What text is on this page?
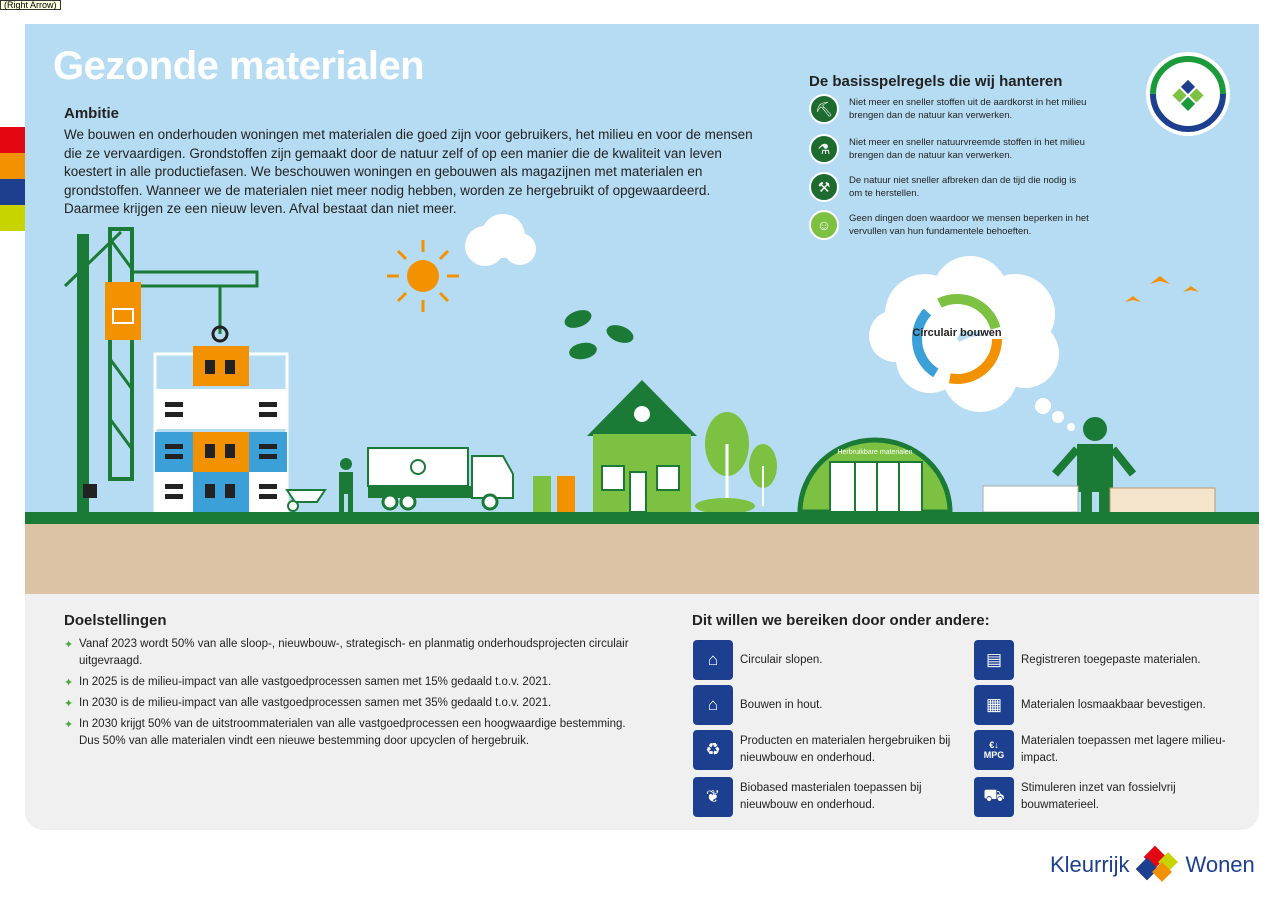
(Right Arrow)
Gezonde materialen
Ambitie
We bouwen en onderhouden woningen met materialen die goed zijn voor gebruikers, het milieu en voor de mensen die ze vervaardigen. Grondstoffen zijn gemaakt door de natuur zelf of op een manier die de kwaliteit van leven koestert in alle productiefasen. We beschouwen woningen en gebouwen als magazijnen met materialen en grondstoffen. Wanneer we de materialen niet meer nodig hebben, worden ze hergebruikt of opgewaardeerd. Daarmee krijgen ze een nieuw leven. Afval bestaat dan niet meer.
De basisspelregels die wij hanteren
⛏	Niet meer en sneller stoffen uit de aardkorst in het milieu brengen dan de natuur kan verwerken.
⚗	Niet meer en sneller natuurvreemde stoffen in het milieu brengen dan de natuur kan verwerken.
⚒	De natuur niet sneller afbreken dan de tijd die nodig is om te herstellen.
☺	Geen dingen doen waardoor we mensen beperken in het vervullen van hun fundamentele behoeften.
Herbruikbare materialen
Circulair bouwen
Doelstellingen
✦ Vanaf 2023 wordt 50% van alle sloop-, nieuwbouw-, strategisch- en planmatig onderhoudsprojecten circulair uitgevraagd.
✦ In 2025 is de milieu-impact van alle vastgoedprocessen samen met 15% gedaald t.o.v. 2021.
✦ In 2030 is de milieu-impact van alle vastgoedprocessen samen met 35% gedaald t.o.v. 2021.
✦ In 2030 krijgt 50% van de uitstroommaterialen van alle vastgoedprocessen een hoogwaardige bestemming. Dus 50% van alle materialen vindt een nieuwe bestemming door upcyclen of hergebruik.
Dit willen we bereiken door onder andere:
⌂	Circulair slopen.
⌂	Bouwen in hout.
♻	Producten en materialen hergebruiken bij nieuwbouw en onderhoud.
❦	Biobased masterialen toepassen bij nieuwbouw en onderhoud.
▤	Registreren toegepaste materialen.
▦	Materialen losmaakbaar bevestigen.
€↓
MPG
Materialen toepassen met lagere milieu-impact.
⛟	Stimuleren inzet van fossielvrij bouwmaterieel.
Kleurrijk	Wonen
